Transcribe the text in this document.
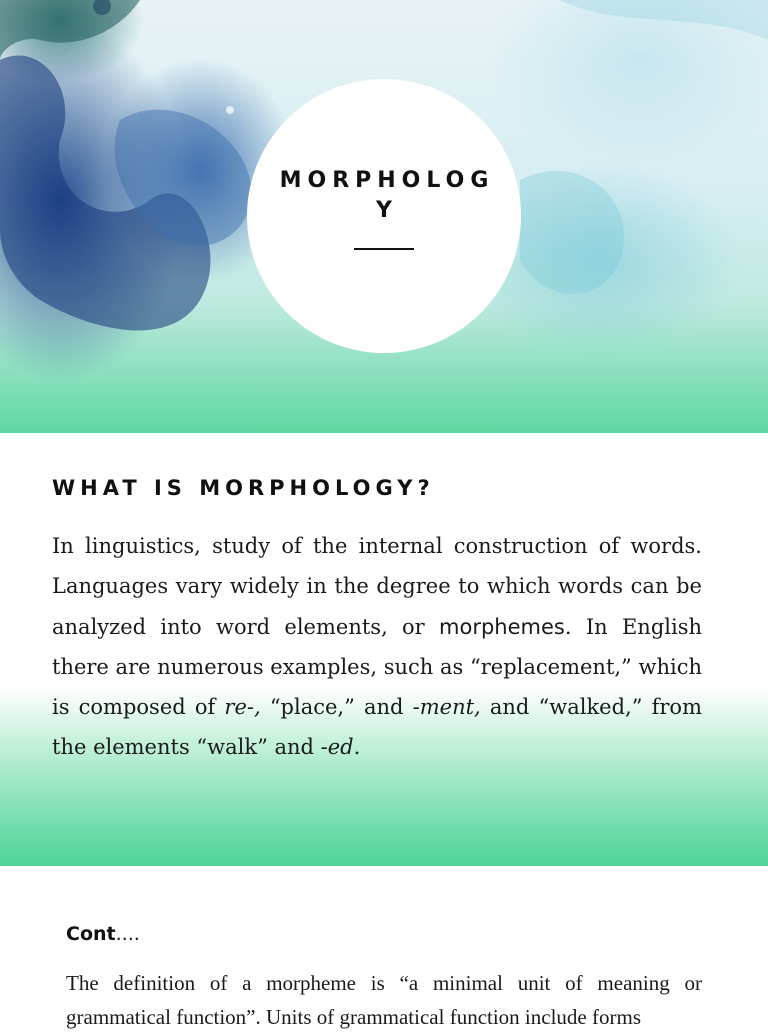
MORPHOLOGY
WHAT IS MORPHOLOGY?

In linguistics, study of the internal construction of words. Languages vary widely in the degree to which words can be analyzed into word elements, or morphemes. In English there are numerous examples, such as “replacement,” which is composed of re-, “place,” and -ment, and “walked,” from the elements “walk” and -ed.

Cont....

The definition of a morpheme is “a minimal unit of meaning or grammatical function”. Units of grammatical function include forms
